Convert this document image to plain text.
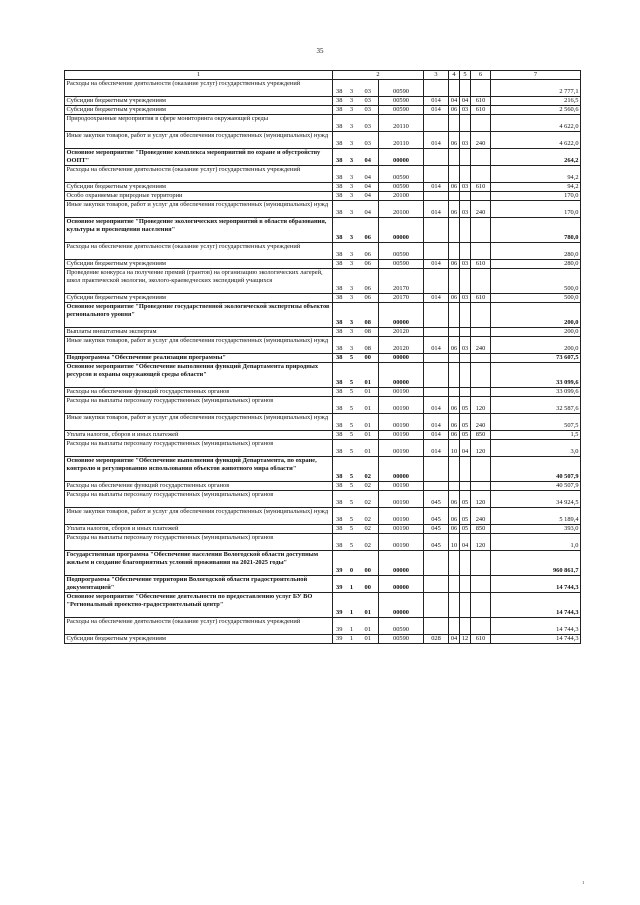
35
1	2				3	4	5	6	7
Расходы на обеспечение деятельности (оказание услуг) государственных учреждений	38	3	03	00590					2 777,1
Субсидии бюджетным учреждениям	38	3	03	00590	014	04	04	610	216,5
Субсидии бюджетным учреждениям	38	3	03	00590	014	06	03	610	2 560,6
Природоохранные мероприятия в сфере мониторинга окружающей среды	38	3	03	20110					4 622,0
Иные закупки товаров, работ и услуг для обеспечения государственных (муниципальных) нужд	38	3	03	20110	014	06	03	240	4 622,0
Основное мероприятие "Проведение комплекса мероприятий по охране и обустройству ООПТ"	38	3	04	00000					264,2
Расходы на обеспечение деятельности (оказание услуг) государственных учреждений	38	3	04	00590					94,2
Субсидии бюджетным учреждениям	38	3	04	00590	014	06	03	610	94,2
Особо охраняемые природные территории	38	3	04	20100					170,0
Иные закупки товаров, работ и услуг для обеспечения государственных (муниципальных) нужд	38	3	04	20100	014	06	03	240	170,0
Основное мероприятие "Проведение экологических мероприятий в области образования, культуры и просвещения населения"	38	3	06	00000					780,0
Расходы на обеспечение деятельности (оказание услуг) государственных учреждений	38	3	06	00590					280,0
Субсидии бюджетным учреждениям	38	3	06	00590	014	06	03	610	280,0
Проведение конкурса на получение премий (грантов) на организацию экологических лагерей, школ практической экологии, эколого-краеведческих экспедиций учащихся	38	3	06	20170					500,0
Субсидии бюджетным учреждениям	38	3	06	20170	014	06	03	610	500,0
Основное мероприятие "Проведение государственной экологической экспертизы объектов регионального уровня"	38	3	08	00000					200,0
Выплаты внештатным экспертам	38	3	08	20120					200,0
Иные закупки товаров, работ и услуг для обеспечения государственных (муниципальных) нужд	38	3	08	20120	014	06	03	240	200,0
Подпрограмма "Обеспечение реализации программы"	38	5	00	00000					73 607,5
Основное мероприятие "Обеспечение выполнения функций Департамента природных ресурсов и охраны окружающей среды области"	38	5	01	00000					33 099,6
Расходы на обеспечение функций государственных органов	38	5	01	00190					33 099,6
Расходы на выплаты персоналу государственных (муниципальных) органов	38	5	01	00190	014	06	05	120	32 587,6
Иные закупки товаров, работ и услуг для обеспечения государственных (муниципальных) нужд	38	5	01	00190	014	06	05	240	507,5
Уплата налогов, сборов и иных платежей	38	5	01	00190	014	06	05	850	1,5
Расходы на выплаты персоналу государственных (муниципальных) органов	38	5	01	00190	014	10	04	120	3,0
Основное мероприятие "Обеспечение выполнения функций Департамента, по охране, контролю и регулированию использования объектов животного мира области"	38	5	02	00000					40 507,9
Расходы на обеспечение функций государственных органов	38	5	02	00190					40 507,9
Расходы на выплаты персоналу государственных (муниципальных) органов	38	5	02	00190	045	06	05	120	34 924,5
Иные закупки товаров, работ и услуг для обеспечения государственных (муниципальных) нужд	38	5	02	00190	045	06	05	240	5 189,4
Уплата налогов, сборов и иных платежей	38	5	02	00190	045	06	05	850	393,0
Расходы на выплаты персоналу государственных (муниципальных) органов	38	5	02	00190	045	10	04	120	1,0
Государственная программа "Обеспечение населения Вологодской области доступным жильем и создание благоприятных условий проживания на 2021-2025 годы"	39	0	00	00000					960 861,7
Подпрограмма "Обеспечение территории Вологодской области градостроительной документацией"	39	1	00	00000					14 744,3
Основное мероприятие "Обеспечение деятельности по предоставлению услуг БУ ВО "Региональный проектно-градостроительный центр"	39	1	01	00000					14 744,3
Расходы на обеспечение деятельности (оказание услуг) государственных учреждений	39	1	01	00590					14 744,3
Субсидии бюджетным учреждениям	39	1	01	00590	028	04	12	610	14 744,3
ı
